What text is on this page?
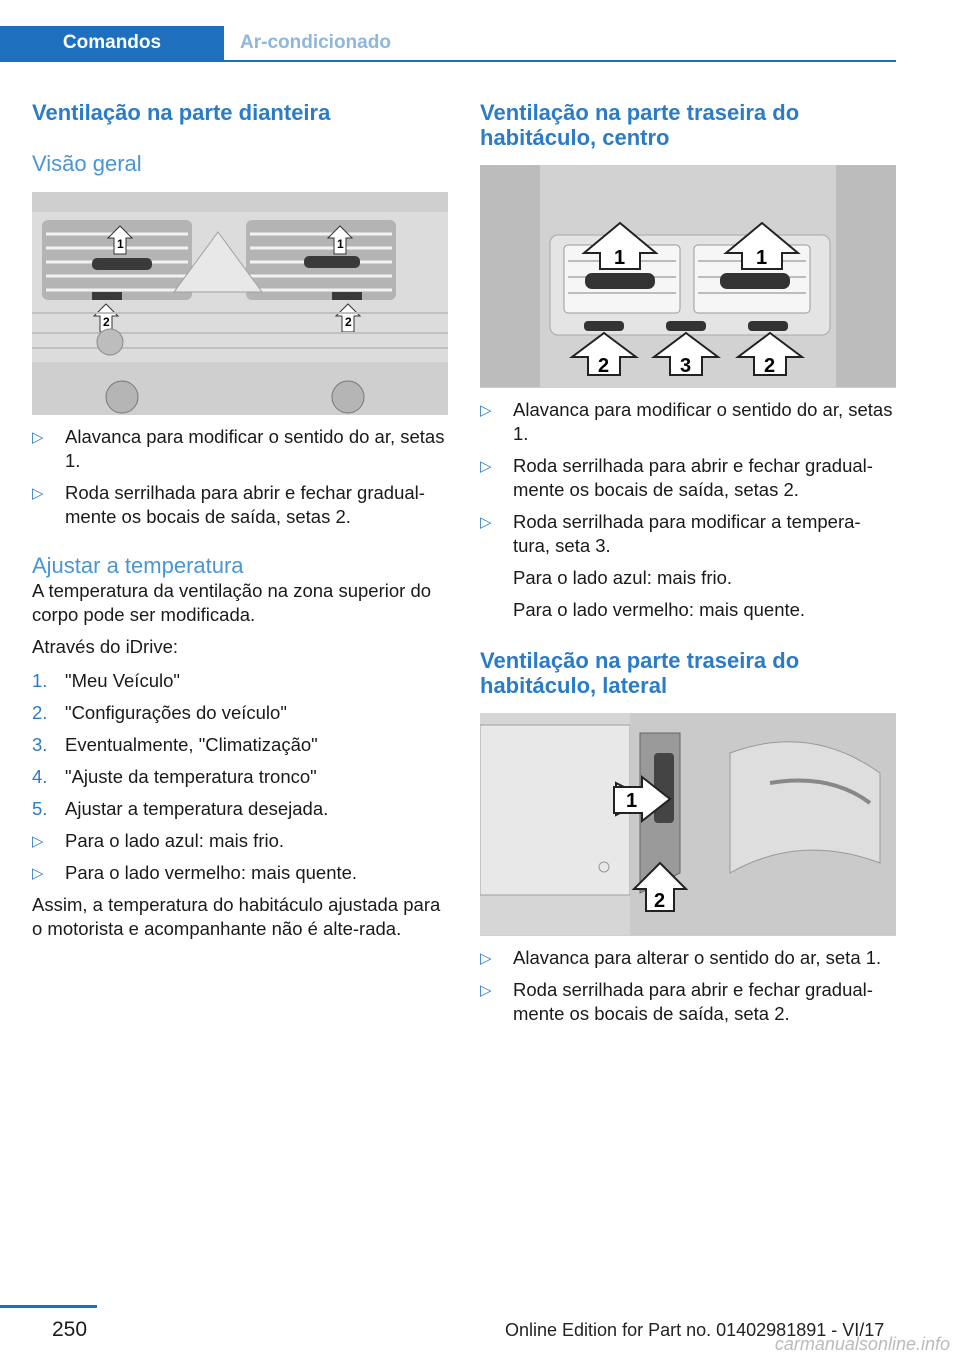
Comandos	Ar-condicionado
Ventilação na parte dianteira
Visão geral
1	1
2	2
▷ Alavanca para modificar o sentido do ar, setas 1.
▷ Roda serrilhada para abrir e fechar gradual-mente os bocais de saída, setas 2.
Ajustar a temperatura

A temperatura da ventilação na zona superior do corpo pode ser modificada.

Através do iDrive:

1. "Meu Veículo"
2. "Configurações do veículo"
3. Eventualmente, "Climatização"
4. "Ajuste da temperatura tronco"
5. Ajustar a temperatura desejada.
▷ Para o lado azul: mais frio.
▷ Para o lado vermelho: mais quente.

Assim, a temperatura do habitáculo ajustada para o motorista e acompanhante não é alte-rada.

Ventilação na parte traseira do habitáculo, centro
1	1
2	3	2
▷ Alavanca para modificar o sentido do ar, setas 1.
▷ Roda serrilhada para abrir e fechar gradual-mente os bocais de saída, setas 2.
▷ Roda serrilhada para modificar a tempera-tura, seta 3.

Para o lado azul: mais frio.

Para o lado vermelho: mais quente.

Ventilação na parte traseira do habitáculo, lateral
1
2
▷ Alavanca para alterar o sentido do ar, seta 1.
▷ Roda serrilhada para abrir e fechar gradual-mente os bocais de saída, seta 2.
250	Online Edition for Part no. 01402981891 - VI/17
carmanualsonline.info
